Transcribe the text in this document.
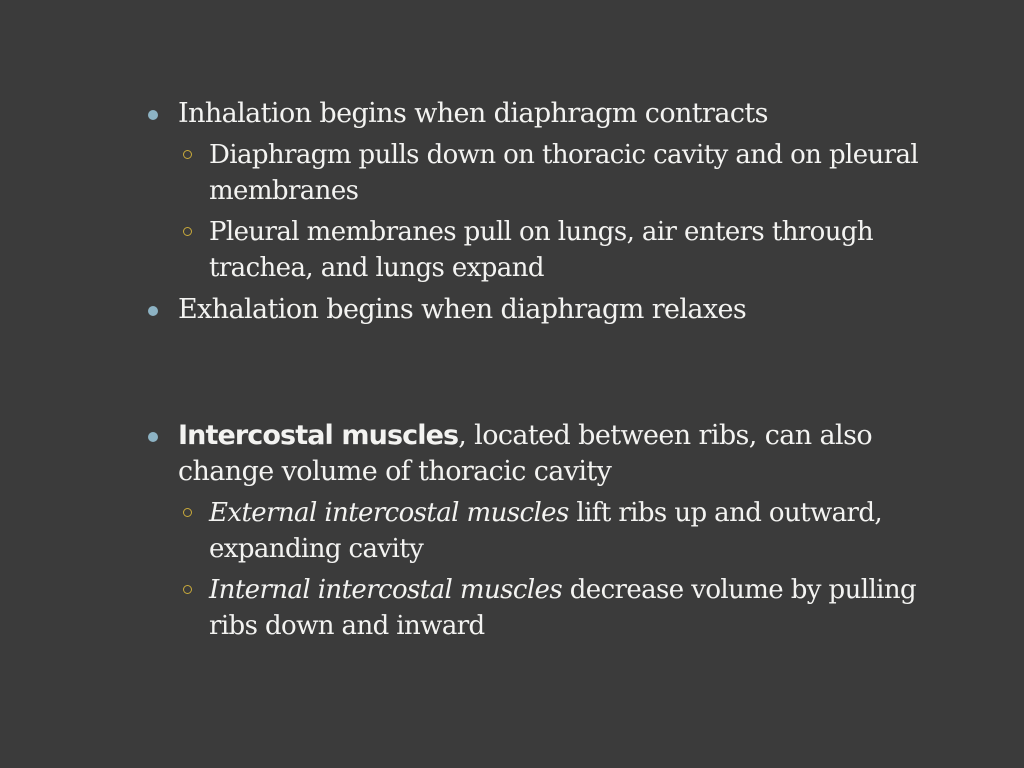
Inhalation begins when diaphragm contracts
Diaphragm pulls down on thoracic cavity and on pleural membranes
Pleural membranes pull on lungs, air enters through trachea, and lungs expand
Exhalation begins when diaphragm relaxes
Intercostal muscles, located between ribs, can also change volume of thoracic cavity
External intercostal muscles lift ribs up and outward, expanding cavity
Internal intercostal muscles decrease volume by pulling ribs down and inward
